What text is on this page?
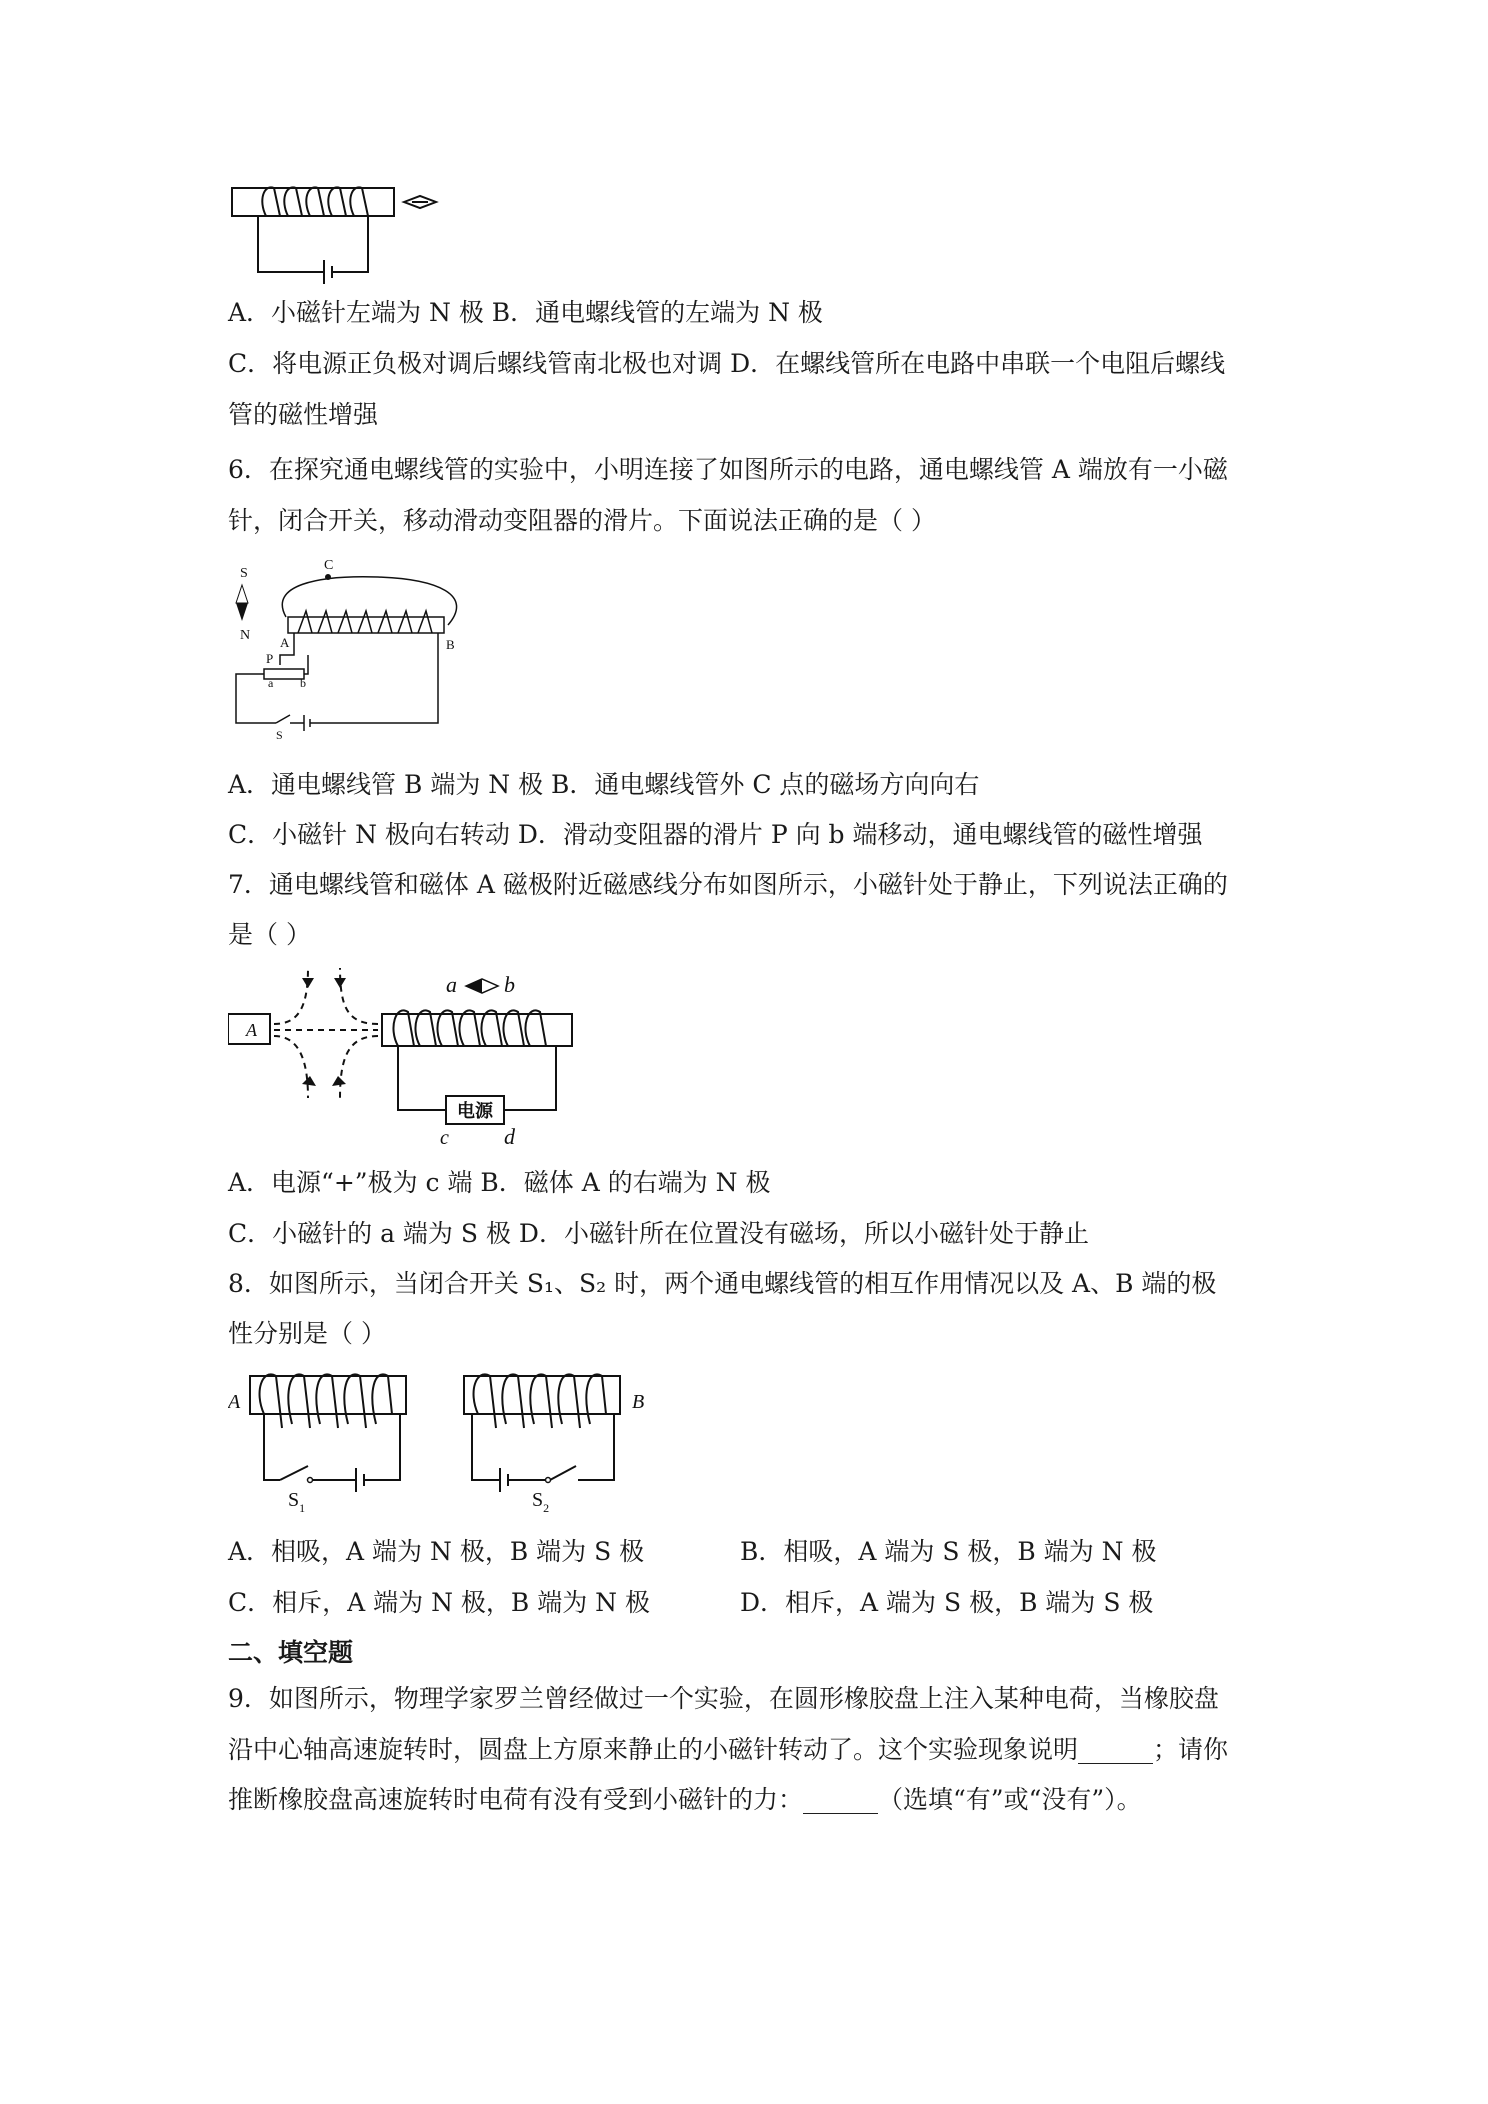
A．小磁针左端为 N 极 B．通电螺线管的左端为 N 极
C．将电源正负极对调后螺线管南北极也对调 D．在螺线管所在电路中串联一个电阻后螺线
管的磁性增强
6．在探究通电螺线管的实验中，小明连接了如图所示的电路，通电螺线管 A 端放有一小磁
针，闭合开关，移动滑动变阻器的滑片。下面说法正确的是（ ）
S
N
C
A	B
P
a b
S
A．通电螺线管 B 端为 N 极 B．通电螺线管外 C 点的磁场方向向右
C．小磁针 N 极向右转动 D．滑动变阻器的滑片 P 向 b 端移动，通电螺线管的磁性增强
7．通电螺线管和磁体 A 磁极附近磁感线分布如图所示，小磁针处于静止，下列说法正确的
是（ ）
A
a b
电源
c	d
A．电源“+”极为 c 端 B．磁体 A 的右端为 N 极
C．小磁针的 a 端为 S 极 D．小磁针所在位置没有磁场，所以小磁针处于静止
8．如图所示，当闭合开关 S₁、S₂ 时，两个通电螺线管的相互作用情况以及 A、B 端的极
性分别是（ ）
A
$S_1$	$S_2$
B
A．相吸，A 端为 N 极，B 端为 S 极	B．相吸，A 端为 S 极，B 端为 N 极
C．相斥，A 端为 N 极，B 端为 N 极	D．相斥，A 端为 S 极，B 端为 S 极
二、填空题
9．如图所示，物理学家罗兰曾经做过一个实验，在圆形橡胶盘上注入某种电荷，当橡胶盘
沿中心轴高速旋转时，圆盘上方原来静止的小磁针转动了。这个实验现象说明______；请你
推断橡胶盘高速旋转时电荷有没有受到小磁针的力：______（选填“有”或“没有”）。
